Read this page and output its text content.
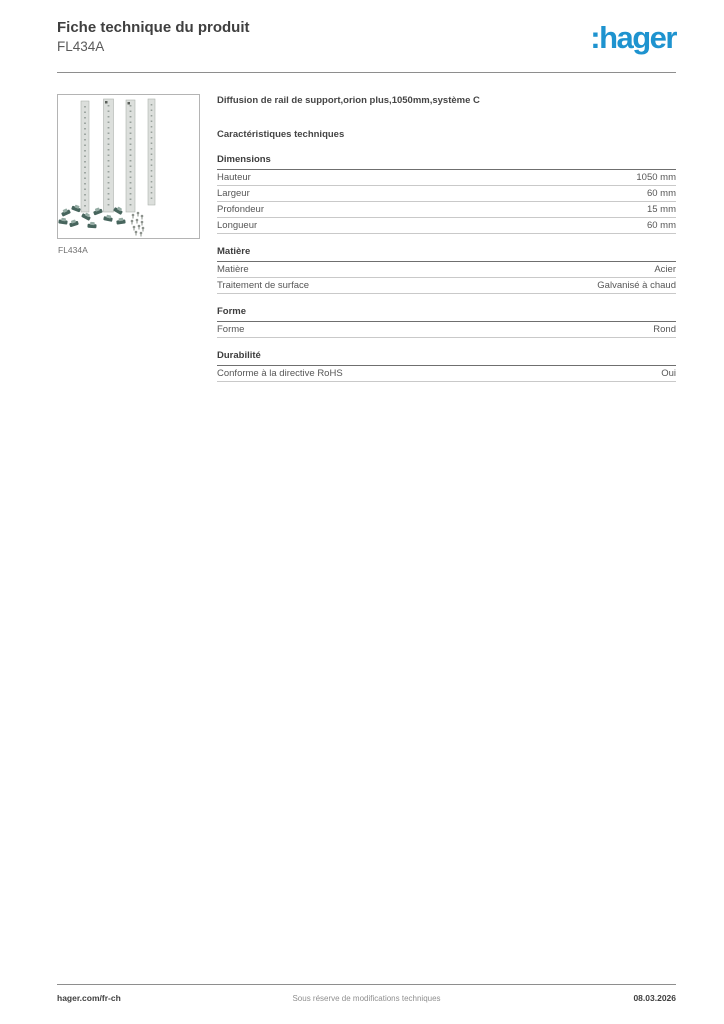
Fiche technique du produit
FL434A	:hager
FL434A
Diffusion de rail de support,orion plus,1050mm,système C
Caractéristiques techniques
Dimensions
Hauteur	1050 mm
Largeur	60 mm
Profondeur	15 mm
Longueur	60 mm
Matière
Matière	Acier
Traitement de surface	Galvanisé à chaud
Forme
Forme	Rond
Durabilité
Conforme à la directive RoHS	Oui
hager.com/fr-ch	Sous réserve de modifications techniques	08.03.2026
